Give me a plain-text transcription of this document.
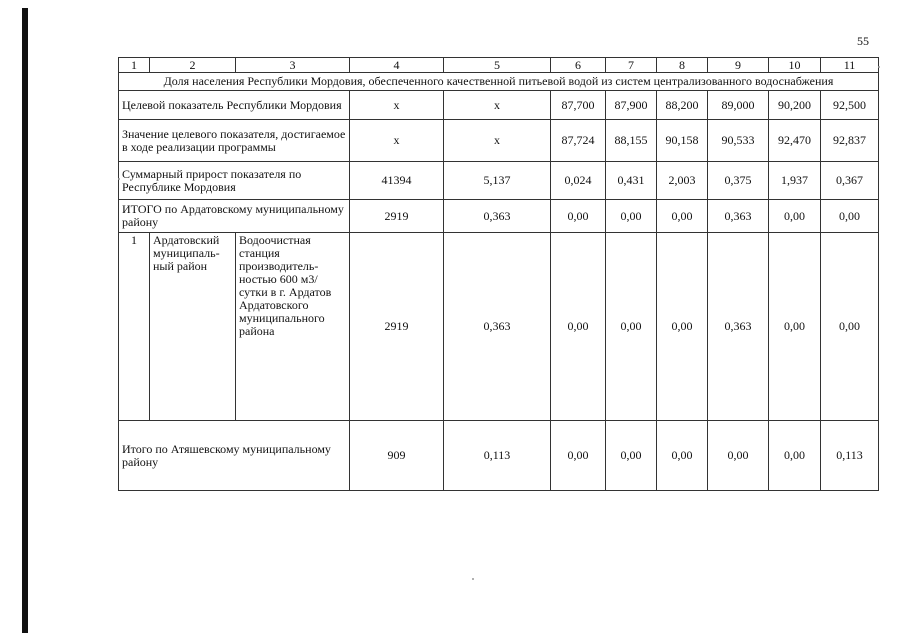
55
1	2	3	4	5	6	7	8	9	10	11
Доля населения Республики Мордовия, обеспеченного качественной питьевой водой из систем централизованного водоснабжения										
Целевой показатель Республики Мордовия			x	x	87,700	87,900	88,200	89,000	90,200	92,500
Значение целевого показателя, достигаемое в ходе реализации программы			x	x	87,724	88,155	90,158	90,533	92,470	92,837
Суммарный прирост показателя по Республике Мордовия			41394	5,137	0,024	0,431	2,003	0,375	1,937	0,367
ИТОГО по Ардатовскому муниципальному району			2919	0,363	0,00	0,00	0,00	0,363	0,00	0,00
1	Ардатовский муниципаль-ный район	Водоочистная станция производитель-ностью 600 м3/сутки в г. Ардатов Ардатовского муниципального района	2919	0,363	0,00	0,00	0,00	0,363	0,00	0,00
Итого по Атяшевскому муниципальному району			909	0,113	0,00	0,00	0,00	0,00	0,00	0,113
